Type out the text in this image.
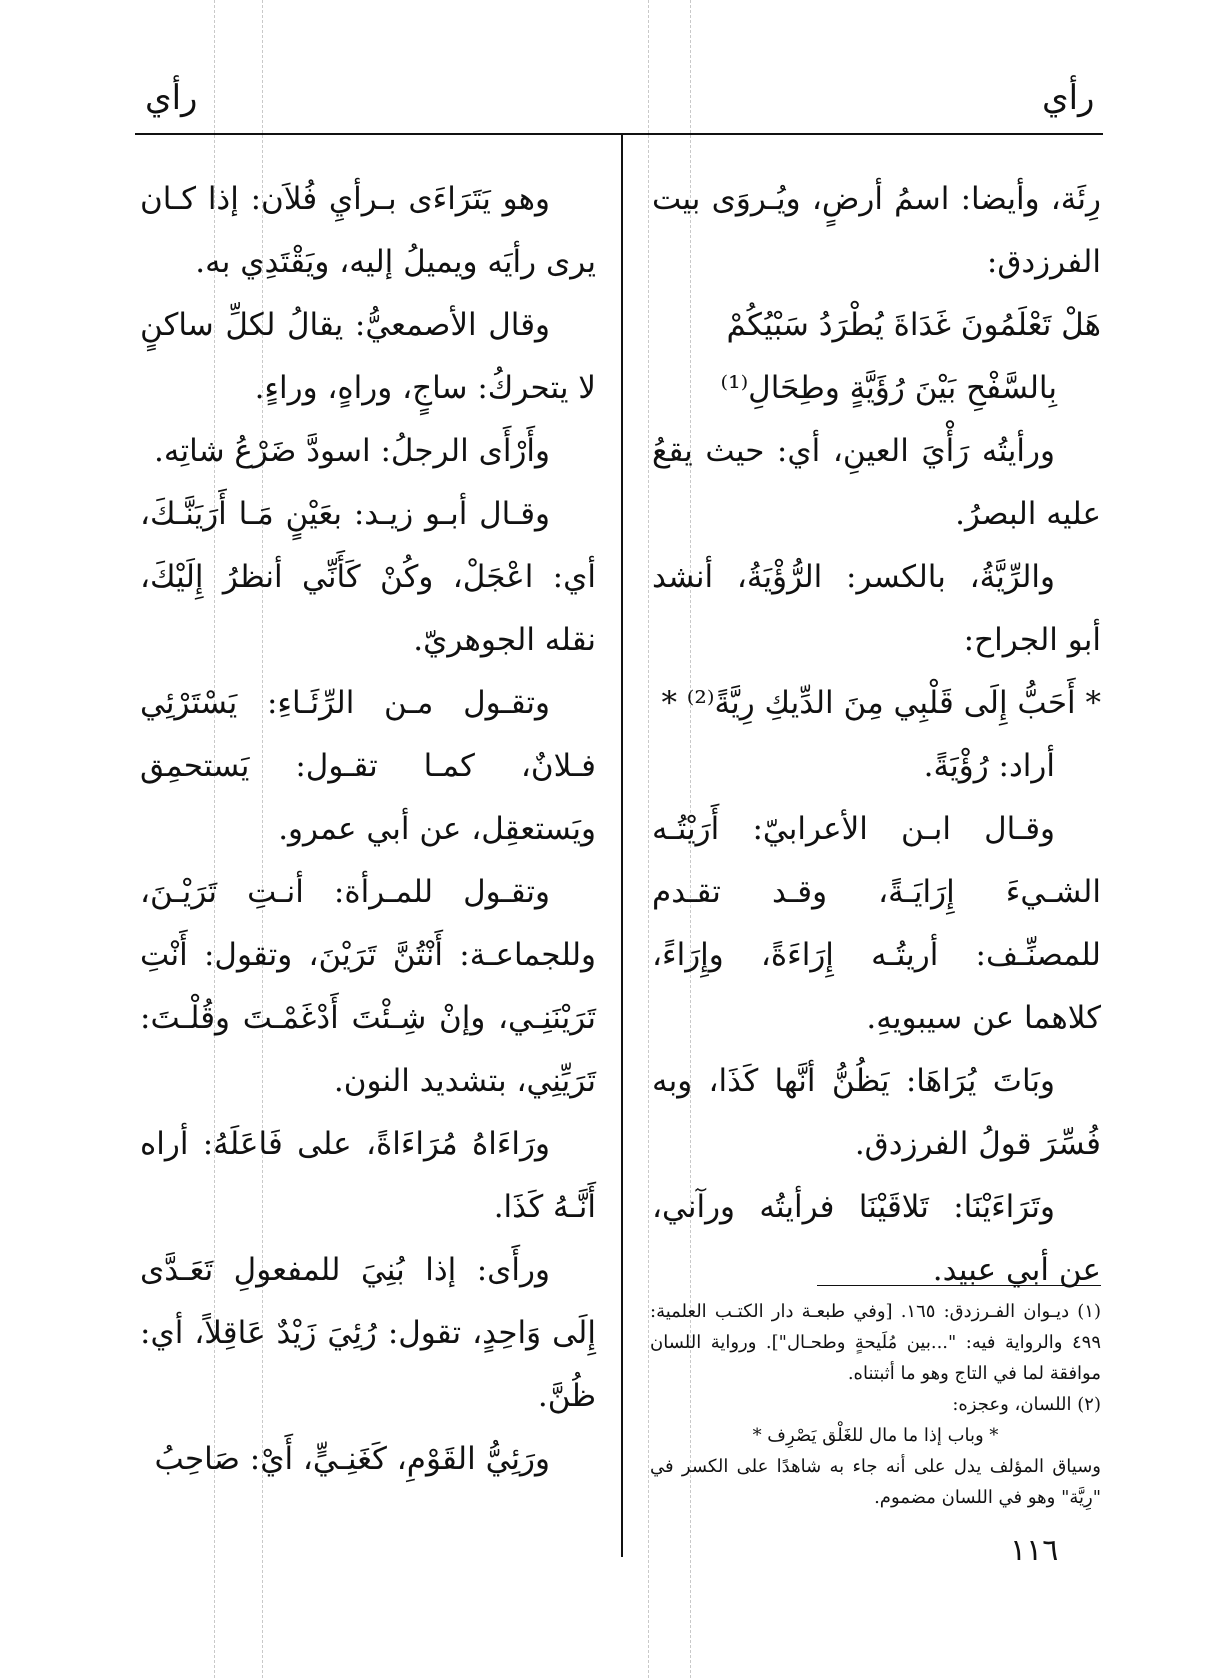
رأي
رأي

رِئَة، وأيضا: اسمُ أرضٍ، ويُـروَى بيت الفرزدق:

هَلْ تَعْلَمُونَ غَدَاةَ يُطْرَدُ سَبْيُكُمْ

بِالسَّفْحِ بَيْنَ رُؤَيَّةٍ وطِحَالِ⁽¹⁾

ورأيتُه رَأْيَ العينِ، أي: حيث يقعُ عليه البصرُ.

والرِّيَّةُ، بالكسر: الرُّؤْيَةُ، أنشد أبو الجراح:

* أَحَبُّ إِلَى قَلْبِي مِنَ الدِّيكِ رِيَّةً⁽²⁾ *

أراد: رُؤْيَةً.

وقـال ابـن الأعرابيّ: أَرَيْتُـه الشـيءَ إِرَايَـةً، وقـد تقـدم للمصنِّـف: أريتُـه إِرَاءَةً، وإِرَاءً، كلاهما عن سيبويهِ.

وبَاتَ يُرَاهَا: يَظُنُّ أنَّها كَذَا، وبه فُسِّرَ قولُ الفرزدق.

وتَرَاءَيْنَا: تَلاقَيْنَا فرأيتُه ورآني، عن أبي عبيد.

وهو يَتَرَاءَى بـرأيِ فُلاَن: إذا كـان يرى رأيَه ويميلُ إليه، ويَقْتَدِي به.

وقال الأصمعيُّ: يقالُ لكلِّ ساكنٍ لا يتحركُ: ساجٍ، وراهٍ، وراءٍ.

وأَرْأَى الرجلُ: اسودَّ ضَرْعُ شاتِه.

وقـال أبـو زيـد: بعَيْنٍ مَـا أَرَيَنَّـكَ، أي: اعْجَلْ، وكُنْ كَأَنِّي أنظرُ إِلَيْكَ، نقله الجوهريّ.

وتقـول مـن الرِّئَـاءِ: يَسْتَرْئِي فـلانٌ، كمـا تقـول: يَستحمِق ويَستعقِل، عن أبي عمرو.

وتقـول للمـرأة: أنـتِ تَرَيْـنَ، وللجماعـة: أَنْتُنَّ تَرَيْنَ، وتقول: أَنْتِ تَرَيْنَنِـي، وإنْ شِـئْتَ أَدْغَمْـتَ وقُلْـتَ: تَرَيِّنِي، بتشديد النون.

ورَاءَاهُ مُرَاءَاةً، على فَاعَلَهُ: أراه أَنَّـهُ كَذَا.

ورأَى: إذا بُنِيَ للمفعولِ تَعَـدَّى إِلَى وَاحِدٍ، تقول: رُئِيَ زَيْدٌ عَاقِلاً، أي: ظُنَّ.

ورَئِيُّ القَوْمِ، كَغَنِـيٍّ، أَيْ: صَاحِبُ

(١) ديـوان الفـرزدق: ١٦٥. [وفي طبعـة دار الكتـب العلمية: ٤٩٩ والرواية فيه: "...بين مُلَيحةٍ وطحـال"]. ورواية اللسان موافقة لما في التاج وهو ما أثبتناه.

(٢) اللسان، وعجزه:

* وباب إذا ما مال للغَلْق يَصْرِف *

وسياق المؤلف يدل على أنه جاء به شاهدًا على الكسر في "رِيَّة" وهو في اللسان مضموم.

١١٦
